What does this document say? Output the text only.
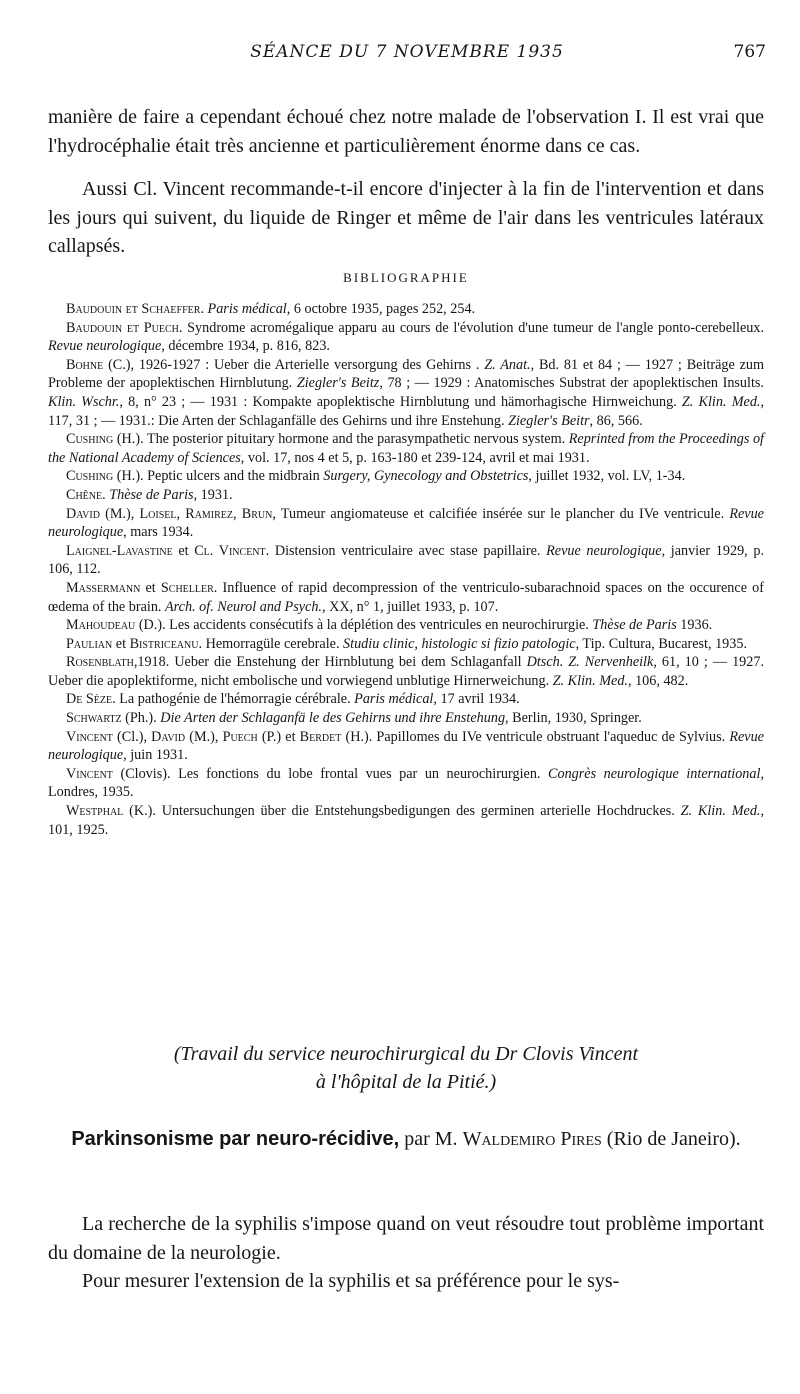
SÉANCE DU 7 NOVEMBRE 1935	767

manière de faire a cependant échoué chez notre malade de l'observation I. Il est vrai que l'hydrocéphalie était très ancienne et particulièrement énorme dans ce cas.

Aussi Cl. Vincent recommande-t-il encore d'injecter à la fin de l'intervention et dans les jours qui suivent, du liquide de Ringer et même de l'air dans les ventricules latéraux callapsés.

BIBLIOGRAPHIE

Baudouin et Schaeffer. Paris médical, 6 octobre 1935, pages 252, 254.

Baudouin et Puech. Syndrome acromégalique apparu au cours de l'évolution d'une tumeur de l'angle ponto-cerebelleux. Revue neurologique, décembre 1934, p. 816, 823.

Bohne (C.), 1926-1927 : Ueber die Arterielle versorgung des Gehirns . Z. Anat., Bd. 81 et 84 ; — 1927 ; Beiträge zum Probleme der apoplektischen Hirnblutung. Ziegler's Beitz, 78 ; — 1929 : Anatomisches Substrat der apoplektischen Insults. Klin. Wschr., 8, n° 23 ; — 1931 : Kompakte apoplektische Hirnblutung und hämorhagische Hirnweichung. Z. Klin. Med., 117, 31 ; — 1931.: Die Arten der Schlaganfälle des Gehirns und ihre Enstehung. Ziegler's Beitr, 86, 566.

Cushing (H.). The posterior pituitary hormone and the parasympathetic nervous system. Reprinted from the Proceedings of the National Academy of Sciences, vol. 17, nos 4 et 5, p. 163-180 et 239-124, avril et mai 1931.

Cushing (H.). Peptic ulcers and the midbrain Surgery, Gynecology and Obstetrics, juillet 1932, vol. LV, 1-34.

Chêne. Thèse de Paris, 1931.

David (M.), Loisel, Ramirez, Brun, Tumeur angiomateuse et calcifiée insérée sur le plancher du IVe ventricule. Revue neurologique, mars 1934.

Laignel-Lavastine et Cl. Vincent. Distension ventriculaire avec stase papillaire. Revue neurologique, janvier 1929, p. 106, 112.

Massermann et Scheller. Influence of rapid decompression of the ventriculo-subarachnoid spaces on the occurence of œdema of the brain. Arch. of. Neurol and Psych., XX, n° 1, juillet 1933, p. 107.

Mahoudeau (D.). Les accidents consécutifs à la déplétion des ventricules en neurochirurgie. Thèse de Paris 1936.

Paulian et Bistriceanu. Hemorragüle cerebrale. Studiu clinic, histologic si fizio patologic, Tip. Cultura, Bucarest, 1935.

Rosenblath,1918. Ueber die Enstehung der Hirnblutung bei dem Schlaganfall Dtsch. Z. Nervenheilk, 61, 10 ; — 1927. Ueber die apoplektiforme, nicht embolische und vorwiegend unblutige Hirnerweichung. Z. Klin. Med., 106, 482.

De Sèze. La pathogénie de l'hémorragie cérébrale. Paris médical, 17 avril 1934.

Schwartz (Ph.). Die Arten der Schlaganfä le des Gehirns und ihre Enstehung, Berlin, 1930, Springer.

Vincent (Cl.), David (M.), Puech (P.) et Berdet (H.). Papillomes du IVe ventricule obstruant l'aqueduc de Sylvius. Revue neurologique, juin 1931.

Vincent (Clovis). Les fonctions du lobe frontal vues par un neurochirurgien. Congrès neurologique international, Londres, 1935.

Westphal (K.). Untersuchungen über die Entstehungsbedigungen des germinen arterielle Hochdruckes. Z. Klin. Med., 101, 1925.

(Travail du service neurochirurgical du Dr Clovis Vincent
à l'hôpital de la Pitié.)
Parkinsonisme par neuro-récidive, par M. Waldemiro Pires (Rio de Janeiro).

La recherche de la syphilis s'impose quand on veut résoudre tout problème important du domaine de la neurologie.

Pour mesurer l'extension de la syphilis et sa préférence pour le sys-
